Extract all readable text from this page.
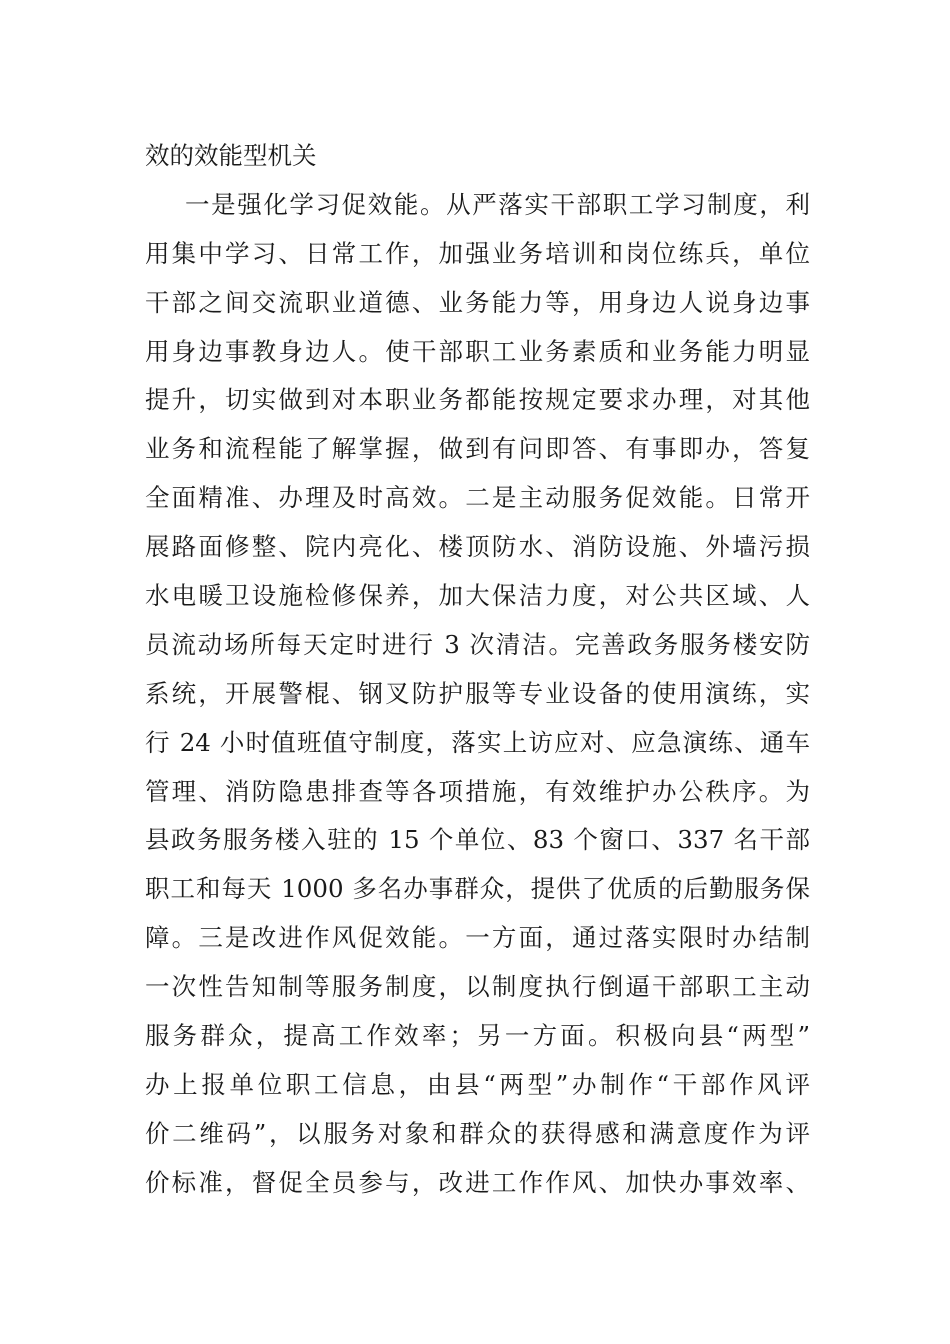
效的效能型机关
一是强化学习促效能。从严落实干部职工学习制度，利
用集中学习、日常工作，加强业务培训和岗位练兵，单位
干部之间交流职业道德、业务能力等，用身边人说身边事
用身边事教身边人。使干部职工业务素质和业务能力明显
提升，切实做到对本职业务都能按规定要求办理，对其他
业务和流程能了解掌握，做到有问即答、有事即办，答复
全面精准、办理及时高效。二是主动服务促效能。日常开
展路面修整、院内亮化、楼顶防水、消防设施、外墙污损
水电暖卫设施检修保养，加大保洁力度，对公共区域、人
员流动场所每天定时进行 3 次清洁。完善政务服务楼安防
系统，开展警棍、钢叉防护服等专业设备的使用演练，实
行 24 小时值班值守制度，落实上访应对、应急演练、通车
管理、消防隐患排查等各项措施，有效维护办公秩序。为
县政务服务楼入驻的 15 个单位、83 个窗口、337 名干部
职工和每天 1000 多名办事群众，提供了优质的后勤服务保
障。三是改进作风促效能。一方面，通过落实限时办结制
一次性告知制等服务制度，以制度执行倒逼干部职工主动
服务群众，提高工作效率；另一方面。积极向县“两型”
办上报单位职工信息，由县“两型”办制作“干部作风评
价二维码”，以服务对象和群众的获得感和满意度作为评
价标准，督促全员参与，改进工作作风、加快办事效率、
